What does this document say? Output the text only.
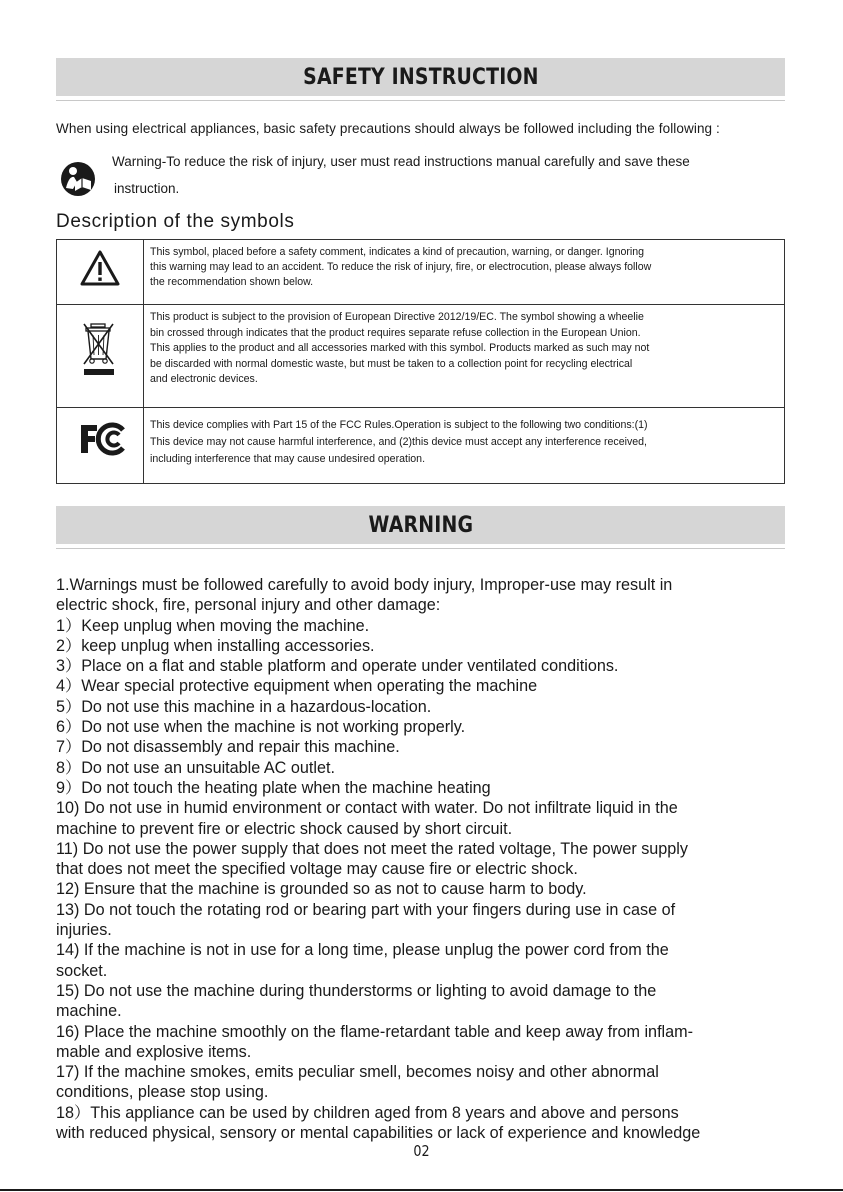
SAFETY INSTRUCTION
When using electrical appliances, basic safety precautions should always be followed including the following :
Warning-To reduce the risk of injury, user must read instructions manual carefully and save these
instruction.
Description of the symbols

This symbol, placed before a safety comment, indicates a kind of precaution, warning, or danger. Ignoring
this warning may lead to an accident. To reduce the risk of injury, fire, or electrocution, please always follow
the recommendation shown below.

This product is subject to the provision of European Directive 2012/19/EC. The symbol showing a wheelie
bin crossed through indicates that the product requires separate refuse collection in the European Union.
This applies to the product and all accessories marked with this symbol. Products marked as such may not
be discarded with normal domestic waste, but must be taken to a collection point for recycling electrical
and electronic devices.

This device complies with Part 15 of the FCC Rules.Operation is subject to the following two conditions:(1)
This device may not cause harmful interference, and (2)this device must accept any interference received,
including interference that may cause undesired operation.
WARNING
1.Warnings must be followed carefully to avoid body injury, Improper-use may result in
electric shock, fire, personal injury and other damage:
1）Keep unplug when moving the machine.
2）keep unplug when installing accessories.
3）Place on a flat and stable platform and operate under ventilated conditions.
4）Wear special protective equipment when operating the machine
5）Do not use this machine in a hazardous-location.
6）Do not use when the machine is not working properly.
7）Do not disassembly and repair this machine.
8）Do not use an unsuitable AC outlet.
9）Do not touch the heating plate when the machine heating
10) Do not use in humid environment or contact with water. Do not infiltrate liquid in the
machine to prevent fire or electric shock caused by short circuit.
11) Do not use the power supply that does not meet the rated voltage, The power supply
that does not meet the specified voltage may cause fire or electric shock.
12) Ensure that the machine is grounded so as not to cause harm to body.
13) Do not touch the rotating rod or bearing part with your fingers during use in case of
injuries.
14) If the machine is not in use for a long time, please unplug the power cord from the
socket.
15) Do not use the machine during thunderstorms or lighting to avoid damage to the
machine.
16) Place the machine smoothly on the flame-retardant table and keep away from inflam-
mable and explosive items.
17) If the machine smokes, emits peculiar smell, becomes noisy and other abnormal
conditions, please stop using.
18）This appliance can be used by children aged from 8 years and above and persons
with reduced physical, sensory or mental capabilities or lack of experience and knowledge
02
